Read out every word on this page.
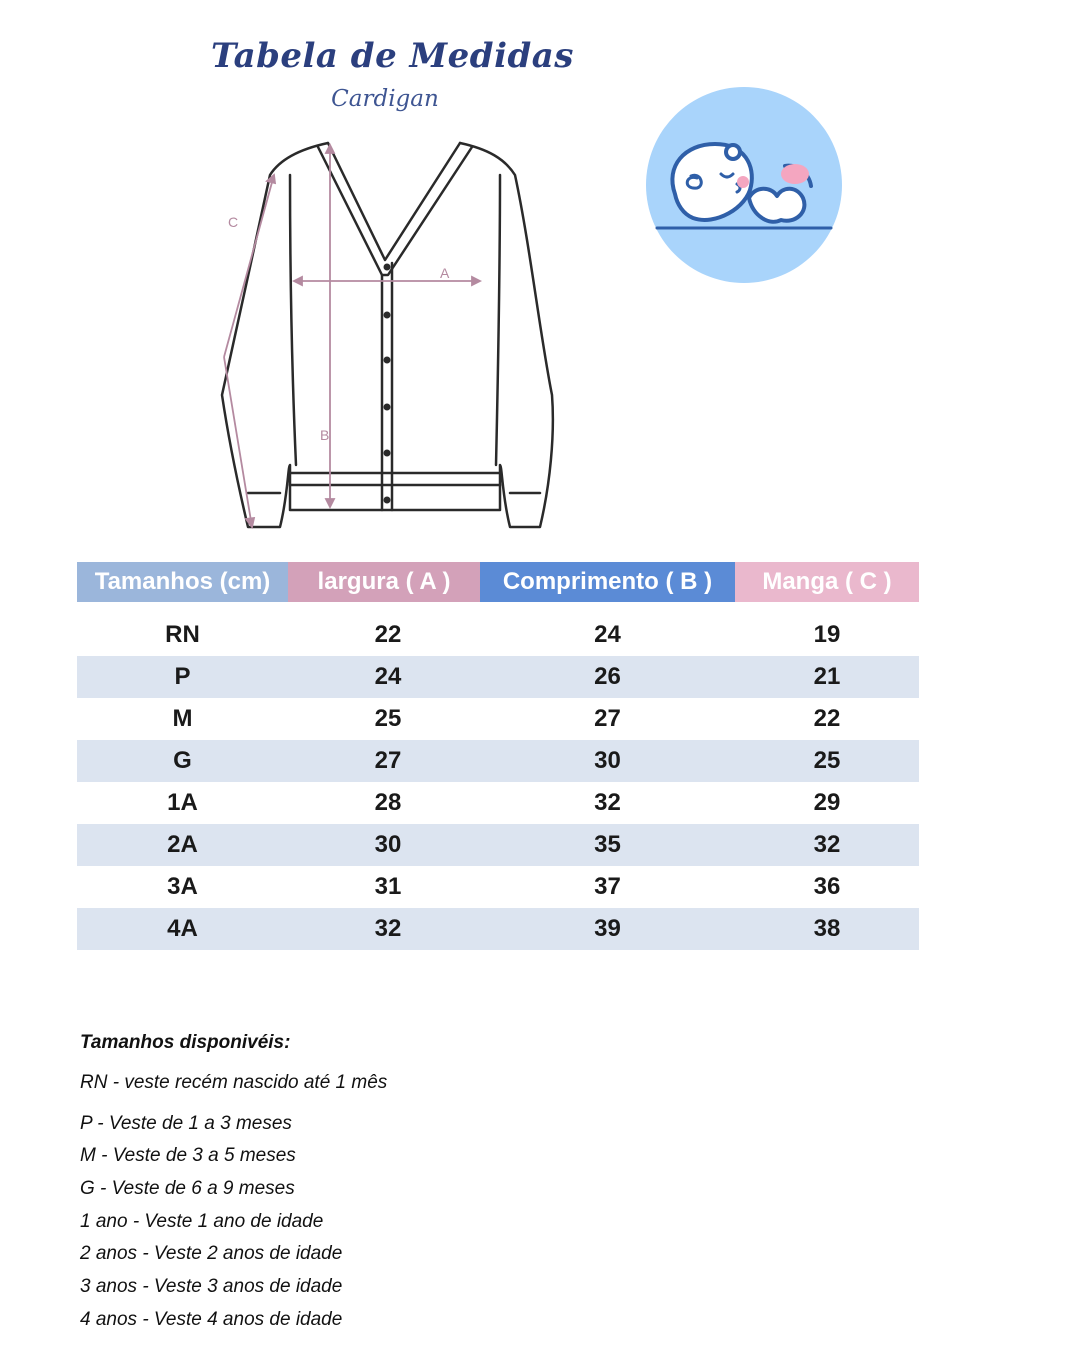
Tabela de Medidas
Cardigan
A
B
C
Tamanhos (cm)	largura ( A )	Comprimento ( B )	Manga ( C )
RN	22	24	19
P	24	26	21
M	25	27	22
G	27	30	25
1A	28	32	29
2A	30	35	32
3A	31	37	36
4A	32	39	38
Tamanhos disponivéis:
RN - veste recém nascido até 1 mês
P - Veste de 1 a 3 meses
M - Veste de 3 a 5 meses
G - Veste de 6 a 9 meses
1 ano - Veste 1 ano de idade
2 anos - Veste 2 anos de idade
3 anos - Veste 3 anos de idade
4 anos - Veste 4 anos de idade
